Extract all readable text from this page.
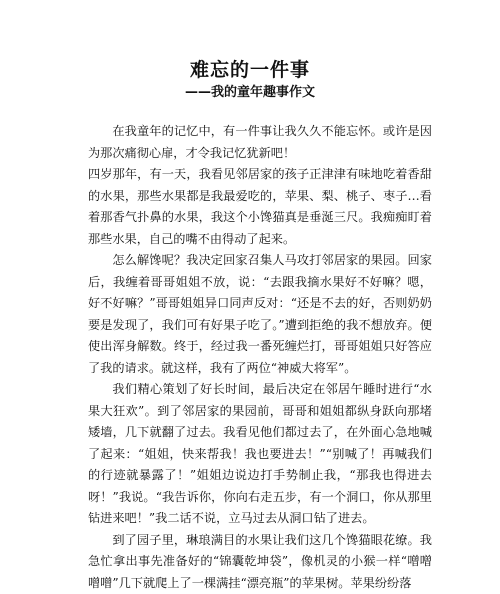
难忘的一件事
——我的童年趣事作文

在我童年的记忆中，有一件事让我久久不能忘怀。或许是因为那次痛彻心扉，才令我记忆犹新吧！

四岁那年，有一天，我看见邻居家的孩子正津津有味地吃着香甜的水果，那些水果都是我最爱吃的，苹果、梨、桃子、枣子…看着那香气扑鼻的水果，我这个小馋猫真是垂涎三尺。我痴痴盯着那些水果，自己的嘴不由得动了起来。

怎么解馋呢？我决定回家召集人马攻打邻居家的果园。回家后，我缠着哥哥姐姐不放，说：“去跟我摘水果好不好嘛？嗯，好不好嘛？”哥哥姐姐异口同声反对：“还是不去的好，否则奶奶要是发现了，我们可有好果子吃了。”遭到拒绝的我不想放弃。便使出浑身解数。终于，经过我一番死缠烂打，哥哥姐姐只好答应了我的请求。就这样，我有了两位“神威大将军”。

我们精心策划了好长时间，最后决定在邻居午睡时进行“水果大狂欢”。到了邻居家的果园前，哥哥和姐姐都纵身跃向那堵矮墙，几下就翻了过去。我看见他们都过去了，在外面心急地喊了起来：“姐姐，快来帮我！我也要进去！”“别喊了！再喊我们的行迹就暴露了！”姐姐边说边打手势制止我，“那我也得进去呀！”我说。“我告诉你，你向右走五步，有一个洞口，你从那里钻进来吧！”我二话不说，立马过去从洞口钻了进去。

到了园子里，琳琅满目的水果让我们这几个馋猫眼花缭。我急忙拿出事先准备好的“锦囊乾坤袋”，像机灵的小猴一样“噌噌噌噌”几下就爬上了一棵满挂“漂亮瓶”的苹果树。苹果纷纷落
